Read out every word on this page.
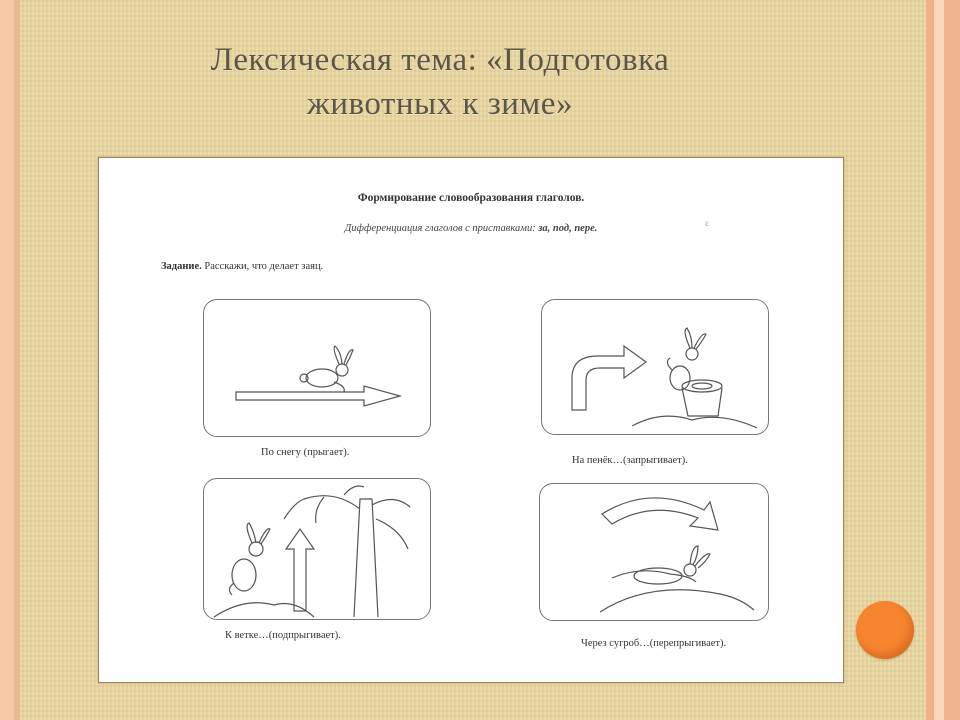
Лексическая тема: «Подготовка
животных к зиме»
Формирование словообразования глаголов.
Дифференциация глаголов с приставками: за, под, пере.	ε
Задание. Расскажи, что делает заяц.
По снегу (прыгает).
На пенёк…(запрыгивает).
К ветке…(подпрыгивает).
Через сугроб…(перепрыгивает).
